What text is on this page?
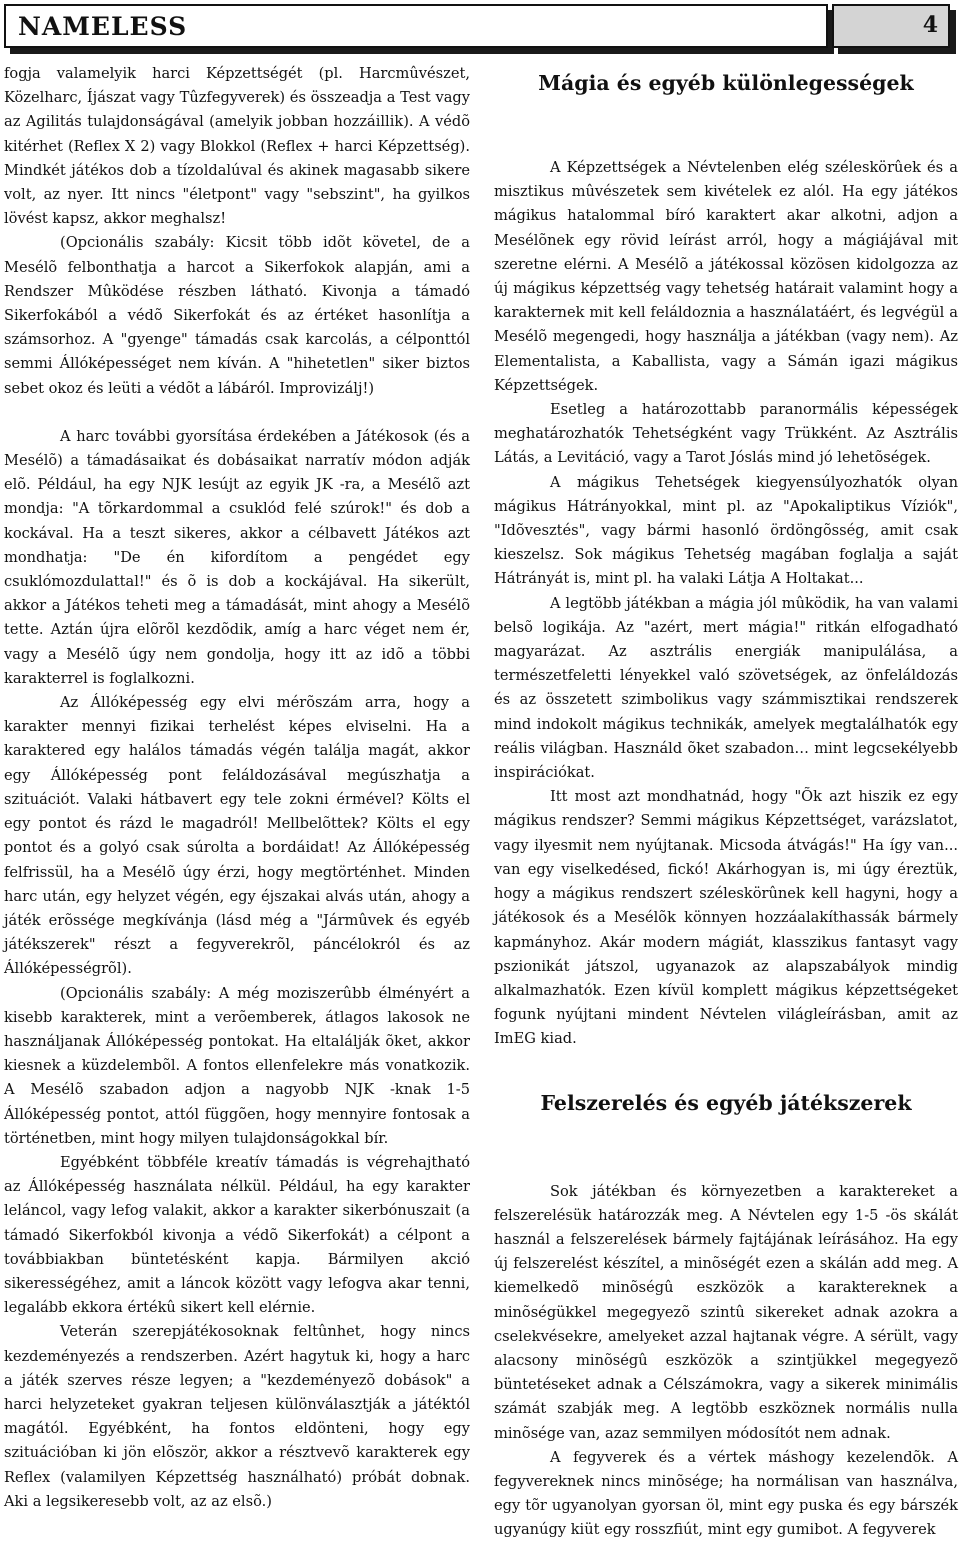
NAMELESS	4

fogja valamelyik harci Képzettségét (pl. Harcmûvészet, Közelharc, Íjászat vagy Tûzfegyverek) és összeadja a Test vagy az Agilitás tulajdonságával (amelyik jobban hozzáillik). A védõ kitérhet (Reflex X 2) vagy Blokkol (Reflex + harci Képzettség). Mindkét játékos dob a tízoldalúval és akinek magasabb sikere volt, az nyer. Itt nincs "életpont" vagy "sebszint", ha gyilkos lövést kapsz, akkor meghalsz!

(Opcionális szabály: Kicsit több idõt követel, de a Mesélõ felbonthatja a harcot a Sikerfokok alapján, ami a Rendszer Mûködése részben látható. Kivonja a támadó Sikerfokából a védõ Sikerfokát és az értéket hasonlítja a számsorhoz. A "gyenge" támadás csak karcolás, a célponttól semmi Állóképességet nem kíván. A "hihetetlen" siker biztos sebet okoz és leüti a védõt a lábáról. Improvizálj!)

A harc további gyorsítása érdekében a Játékosok (és a Mesélõ) a támadásaikat és dobásaikat narratív módon adják elõ. Például, ha egy NJK lesújt az egyik JK -ra, a Mesélõ azt mondja: "A tõrkardommal a csuklód felé szúrok!" és dob a kockával. Ha a teszt sikeres, akkor a célbavett Játékos azt mondhatja: "De én kifordítom a pengédet egy csuklómozdulattal!" és õ is dob a kockájával. Ha sikerült, akkor a Játékos teheti meg a támadását, mint ahogy a Mesélõ tette. Aztán újra elõrõl kezdõdik, amíg a harc véget nem ér, vagy a Mesélõ úgy nem gondolja, hogy itt az idõ a többi karakterrel is foglalkozni.

Az Állóképesség egy elvi mérõszám arra, hogy a karakter mennyi fizikai terhelést képes elviselni. Ha a karaktered egy halálos támadás végén találja magát, akkor egy Állóképesség pont feláldozásával megúszhatja a szituációt. Valaki hátbavert egy tele zokni érmével? Költs el egy pontot és rázd le magadról! Mellbelõttek? Költs el egy pontot és a golyó csak súrolta a bordáidat! Az Állóképesség felfrissül, ha a Mesélõ úgy érzi, hogy megtörténhet. Minden harc után, egy helyzet végén, egy éjszakai alvás után, ahogy a játék erõssége megkívánja (lásd még a "Jármûvek és egyéb játékszerek" részt a fegyverekrõl, páncélokról és az Állóképességrõl).

(Opcionális szabály: A még moziszerûbb élményért a kisebb karakterek, mint a verõemberek, átlagos lakosok ne használjanak Állóképesség pontokat. Ha eltalálják õket, akkor kiesnek a küzdelembõl. A fontos ellenfelekre más vonatkozik. A Mesélõ szabadon adjon a nagyobb NJK -knak 1-5 Állóképesség pontot, attól függõen, hogy mennyire fontosak a történetben, mint hogy milyen tulajdonságokkal bír.

Egyébként többféle kreatív támadás is végrehajtható az Állóképesség használata nélkül. Például, ha egy karakter leláncol, vagy lefog valakit, akkor a karakter sikerbónuszait (a támadó Sikerfokból kivonja a védõ Sikerfokát) a célpont a továbbiakban büntetésként kapja. Bármilyen akció sikerességéhez, amit a láncok között vagy lefogva akar tenni, legalább ekkora értékû sikert kell elérnie.

Veterán szerepjátékosoknak feltûnhet, hogy nincs kezdeményezés a rendszerben. Azért hagytuk ki, hogy a harc a játék szerves része legyen; a "kezdeményezõ dobások" a harci helyzeteket gyakran teljesen különválasztják a játéktól magától. Egyébként, ha fontos eldönteni, hogy egy szituációban ki jön elõször, akkor a résztvevõ karakterek egy Reflex (valamilyen Képzettség használható) próbát dobnak. Aki a legsikeresebb volt, az az elsõ.)

Mágia és egyéb különlegességek

A Képzettségek a Névtelenben elég széleskörûek és a misztikus mûvészetek sem kivételek ez alól. Ha egy játékos mágikus hatalommal bíró karaktert akar alkotni, adjon a Mesélõnek egy rövid leírást arról, hogy a mágiájával mit szeretne elérni. A Mesélõ a játékossal közösen kidolgozza az új mágikus képzettség vagy tehetség határait valamint hogy a karakternek mit kell feláldoznia a használatáért, és legvégül a Mesélõ megengedi, hogy használja a játékban (vagy nem). Az Elementalista, a Kaballista, vagy a Sámán igazi mágikus Képzettségek.

Esetleg a határozottabb paranormális képességek meghatározhatók Tehetségként vagy Trükként. Az Asztrális Látás, a Levitáció, vagy a Tarot Jóslás mind jó lehetõségek.

A mágikus Tehetségek kiegyensúlyozhatók olyan mágikus Hátrányokkal, mint pl. az "Apokaliptikus Víziók", "Idõvesztés", vagy bármi hasonló ördöngõsség, amit csak kieszelsz. Sok mágikus Tehetség magában foglalja a saját Hátrányát is, mint pl. ha valaki Látja A Holtakat...

A legtöbb játékban a mágia jól mûködik, ha van valami belsõ logikája. Az "azért, mert mágia!" ritkán elfogadható magyarázat. Az asztrális energiák manipulálása, a természetfeletti lényekkel való szövetségek, az önfeláldozás és az összetett szimbolikus vagy számmisztikai rendszerek mind indokolt mágikus technikák, amelyek megtalálhatók egy reális világban. Használd õket szabadon… mint legcsekélyebb inspirációkat.

Itt most azt mondhatnád, hogy "Õk azt hiszik ez egy mágikus rendszer? Semmi mágikus Képzettséget, varázslatot, vagy ilyesmit nem nyújtanak. Micsoda átvágás!" Ha így van... van egy viselkedésed, fickó! Akárhogyan is, mi úgy éreztük, hogy a mágikus rendszert széleskörûnek kell hagyni, hogy a játékosok és a Mesélõk könnyen hozzáalakíthassák bármely kapmányhoz. Akár modern mágiát, klasszikus fantasyt vagy pszionikát játszol, ugyanazok az alapszabályok mindig alkalmazhatók. Ezen kívül komplett mágikus képzettségeket fogunk nyújtani mindent Névtelen világleírásban, amit az ImEG kiad.

Felszerelés és egyéb játékszerek

Sok játékban és környezetben a karaktereket a felszerelésük határozzák meg. A Névtelen egy 1-5 -ös skálát használ a felszerelések bármely fajtájának leírásához. Ha egy új felszerelést készítel, a minõségét ezen a skálán add meg. A kiemelkedõ minõségû eszközök a karaktereknek a minõségükkel megegyezõ szintû sikereket adnak azokra a cselekvésekre, amelyeket azzal hajtanak végre. A sérült, vagy alacsony minõségû eszközök a szintjükkel megegyezõ büntetéseket adnak a Célszámokra, vagy a sikerek minimális számát szabják meg. A legtöbb eszköznek normális nulla minõsége van, azaz semmilyen módosítót nem adnak.

A fegyverek és a vértek máshogy kezelendõk. A fegyvereknek nincs minõsége; ha normálisan van használva, egy tõr ugyanolyan gyorsan öl, mint egy puska és egy bárszék ugyanúgy kiüt egy rosszfiút, mint egy gumibot. A fegyverek
